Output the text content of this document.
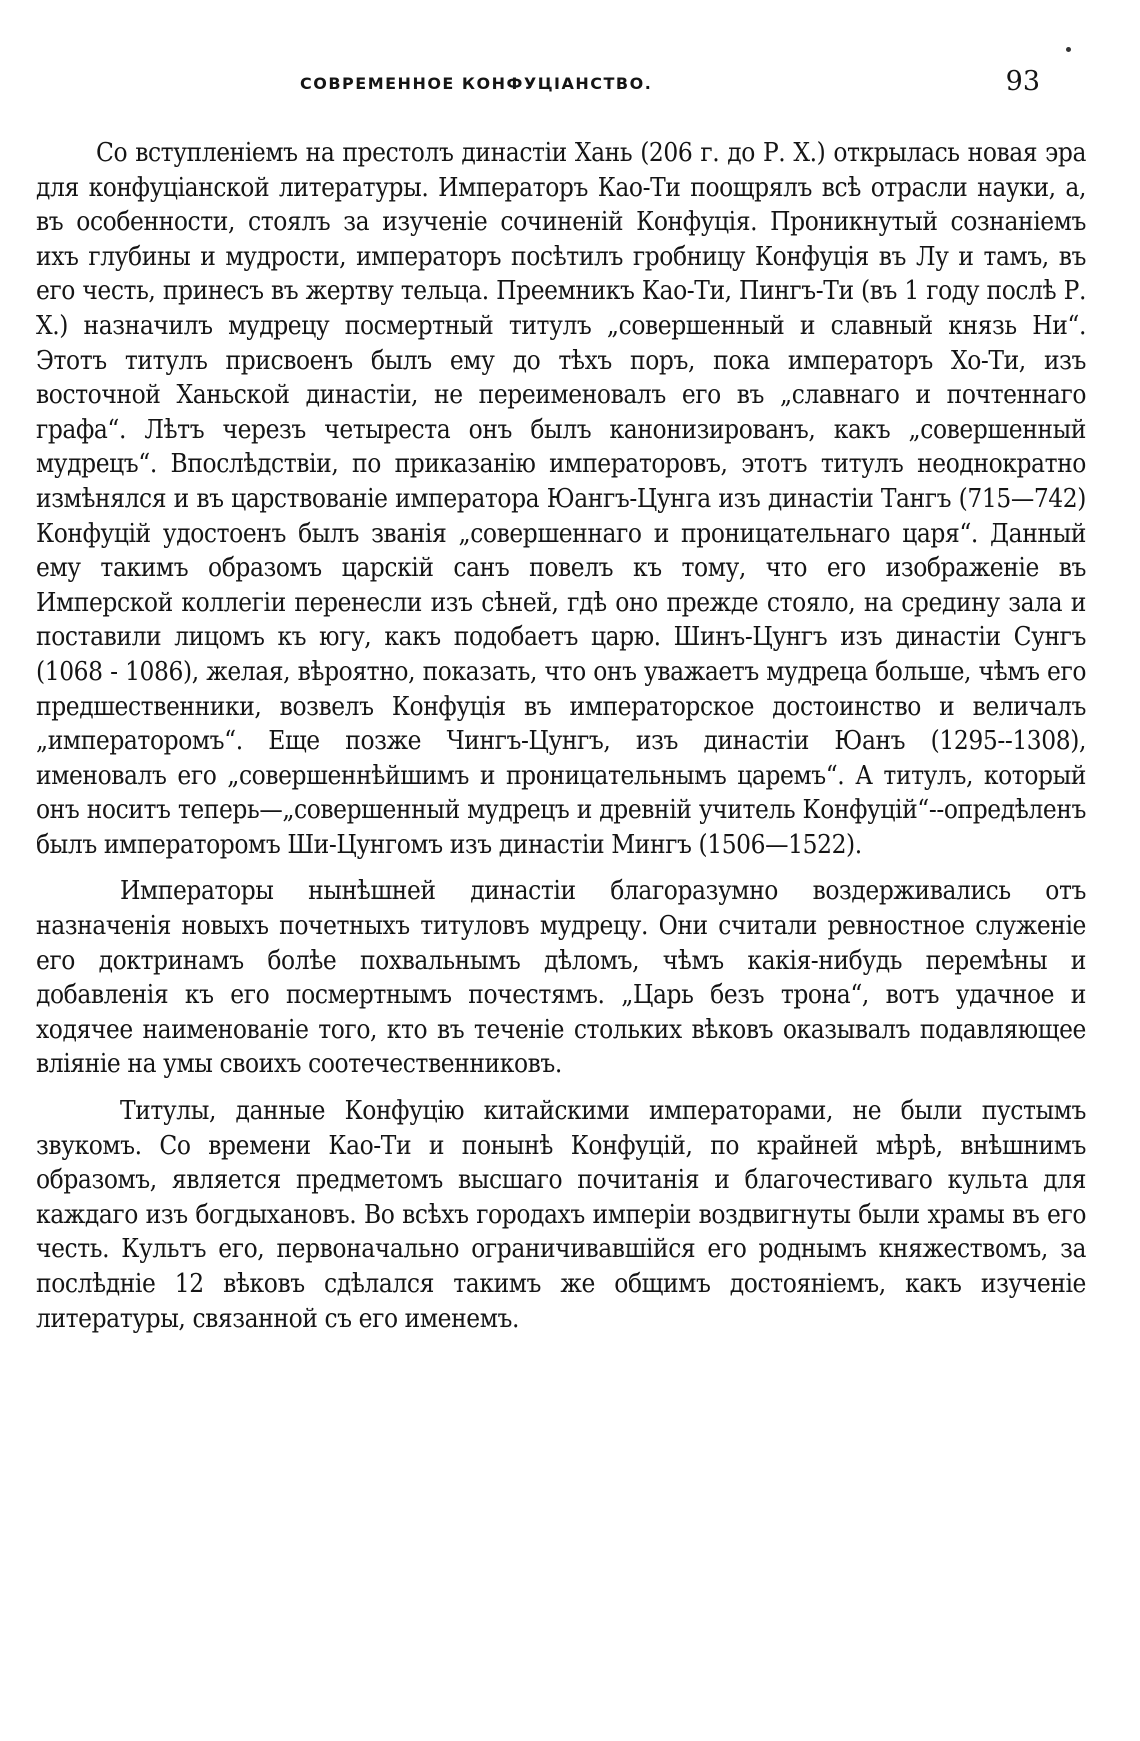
СОВРЕМЕННОЕ КОНФУЦІАНСТВО.	93

Со вступленіемъ на престолъ династіи Хань (206 г. до Р. Х.) открылась новая эра для конфуціанской литературы. Императоръ Као-Ти поощрялъ всѣ отрасли науки, а, въ особенности, стоялъ за изученіе сочиненій Конфуція. Проникнутый сознаніемъ ихъ глубины и мудрости, императоръ посѣтилъ гробницу Конфуція въ Лу и тамъ, въ его честь, принесъ въ жертву тельца. Преемникъ Као-Ти, Пингъ-Ти (въ 1 году послѣ Р. Х.) назначилъ мудрецу посмертный титулъ „совершенный и славный князь Ни“. Этотъ титулъ присвоенъ былъ ему до тѣхъ поръ, пока императоръ Хо-Ти, изъ восточной Ханьской династіи, не переименовалъ его въ „славнаго и почтеннаго графа“. Лѣтъ черезъ четыреста онъ былъ канонизированъ, какъ „совершенный мудрецъ“. Впослѣдствіи, по приказанію императоровъ, этотъ титулъ неоднократно измѣнялся и въ царствованіе императора Юангъ-Цунга изъ династіи Тангъ (715—742) Конфуцій удостоенъ былъ званія „совершеннаго и проницательнаго царя“. Данный ему такимъ образомъ царскій санъ повелъ къ тому, что его изображеніе въ Имперской коллегіи перенесли изъ сѣней, гдѣ оно прежде стояло, на средину зала и поставили лицомъ къ югу, какъ подобаетъ царю. Шинъ-Цунгъ изъ династіи Сунгъ (1068 - 1086), желая, вѣроятно, показать, что онъ уважаетъ мудреца больше, чѣмъ его предшественники, возвелъ Конфуція въ императорское достоинство и величалъ „императоромъ“. Еще позже Чингъ-Цунгъ, изъ династіи Юанъ (1295--1308), именовалъ его „совершеннѣйшимъ и проницательнымъ царемъ“. А титулъ, который онъ носитъ теперь—„совершенный мудрецъ и древній учитель Конфуцій“--опредѣленъ былъ императоромъ Ши-Цунгомъ изъ династіи Мингъ (1506—1522).

Императоры нынѣшней династіи благоразумно воздерживались отъ назначенія новыхъ почетныхъ титуловъ мудрецу. Они считали ревностное служеніе его доктринамъ болѣе похвальнымъ дѣломъ, чѣмъ какія-нибудь перемѣны и добавленія къ его посмертнымъ почестямъ. „Царь безъ трона“, вотъ удачное и ходячее наименованіе того, кто въ теченіе стольких вѣковъ оказывалъ подавляющее вліяніе на умы своихъ соотечественниковъ.

Титулы, данные Конфуцію китайскими императорами, не были пустымъ звукомъ. Со времени Као-Ти и понынѣ Конфуцій, по крайней мѣрѣ, внѣшнимъ образомъ, является предметомъ высшаго почитанія и благочестиваго культа для каждаго изъ богдыхановъ. Во всѣхъ городахъ имперіи воздвигнуты были храмы въ его честь. Культъ его, первоначально ограничивавшійся его роднымъ княжествомъ, за послѣдніе 12 вѣковъ сдѣлался такимъ же общимъ достояніемъ, какъ изученіе литературы, связанной съ его именемъ.
